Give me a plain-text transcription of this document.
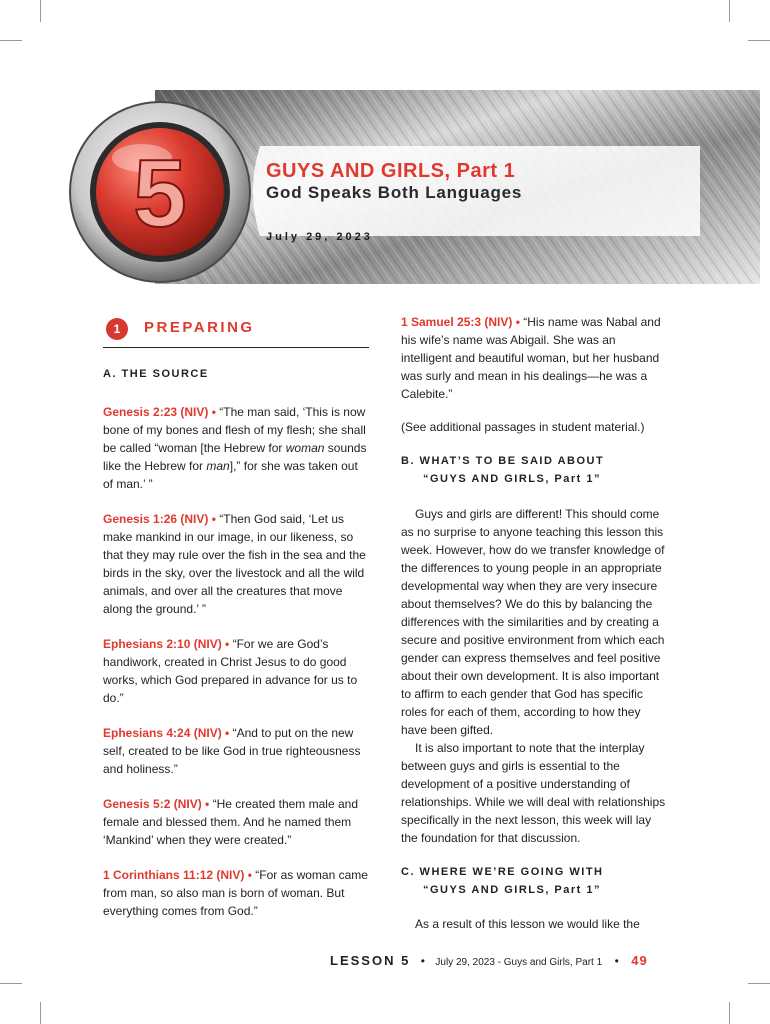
5	GUYS AND GIRLS, Part 1
God Speaks Both Languages
July 29, 2023
1	PREPARING

A. THE SOURCE

Genesis 2:23 (NIV) • “The man said, ‘This is now bone of my bones and flesh of my flesh; she shall be called “woman [the Hebrew for woman sounds like the Hebrew for man],” for she was taken out of man.’ ”

Genesis 1:26 (NIV) • “Then God said, ‘Let us make mankind in our image, in our likeness, so that they may rule over the fish in the sea and the birds in the sky, over the livestock and all the wild animals, and over all the creatures that move along the ground.’ ”

Ephesians 2:10 (NIV) • “For we are God’s handiwork, created in Christ Jesus to do good works, which God prepared in advance for us to do.”

Ephesians 4:24 (NIV) • “And to put on the new self, created to be like God in true righteousness and holiness.”

Genesis 5:2 (NIV) • “He created them male and female and blessed them. And he named them ‘Mankind’ when they were created.”

1 Corinthians 11:12 (NIV) • “For as woman came from man, so also man is born of woman. But everything comes from God.”

1 Samuel 25:3 (NIV) • “His name was Nabal and his wife’s name was Abigail. She was an intelligent and beautiful woman, but her husband was surly and mean in his dealings—he was a Calebite.”

(See additional passages in student material.)

B. WHAT’S TO BE SAID ABOUT
“GUYS AND GIRLS, Part 1”

Guys and girls are different! This should come as no surprise to anyone teaching this lesson this week. However, how do we transfer knowledge of the differences to young people in an appropriate developmental way when they are very insecure about themselves? We do this by balancing the differences with the similarities and by creating a secure and positive environment from which each gender can express themselves and feel positive about their own development. It is also important to affirm to each gender that God has specific roles for each of them, according to how they have been gifted.

It is also important to note that the interplay between guys and girls is essential to the development of a positive understanding of relationships. While we will deal with relationships specifically in the next lesson, this week will lay the foundation for that discussion.

C. WHERE WE’RE GOING WITH
“GUYS AND GIRLS, Part 1”

As a result of this lesson we would like the

LESSON 5 • July 29, 2023 - Guys and Girls, Part 1 • 49
